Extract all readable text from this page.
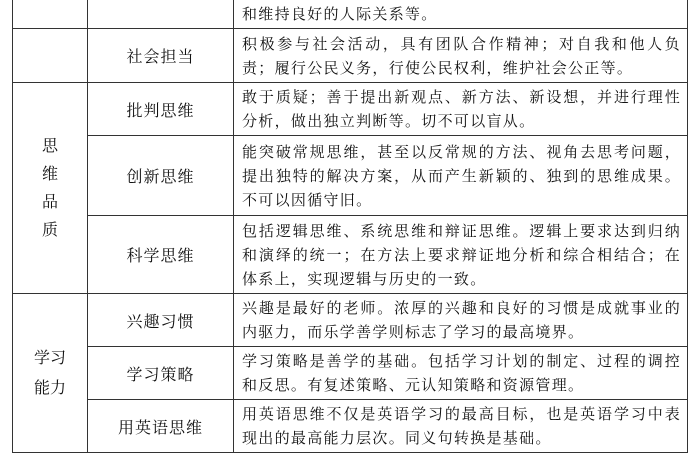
		和维持良好的人际关系等。
	社会担当	积极参与社会活动，具有团队合作精神；对自我和他人负责；履行公民义务，行使公民权利，维护社会公正等。
思维品质	批判思维	敢于质疑；善于提出新观点、新方法、新设想，并进行理性分析，做出独立判断等。切不可以盲从。
	创新思维	能突破常规思维，甚至以反常规的方法、视角去思考问题，提出独特的解决方案，从而产生新颖的、独到的思维成果。不可以因循守旧。
	科学思维	包括逻辑思维、系统思维和辩证思维。逻辑上要求达到归纳和演绎的统一；在方法上要求辩证地分析和综合相结合；在体系上，实现逻辑与历史的一致。
学习能力	兴趣习惯	兴趣是最好的老师。浓厚的兴趣和良好的习惯是成就事业的内驱力，而乐学善学则标志了学习的最高境界。
	学习策略	学习策略是善学的基础。包括学习计划的制定、过程的调控和反思。有复述策略、元认知策略和资源管理。
	用英语思维	用英语思维不仅是英语学习的最高目标，也是英语学习中表现出的最高能力层次。同义句转换是基础。
